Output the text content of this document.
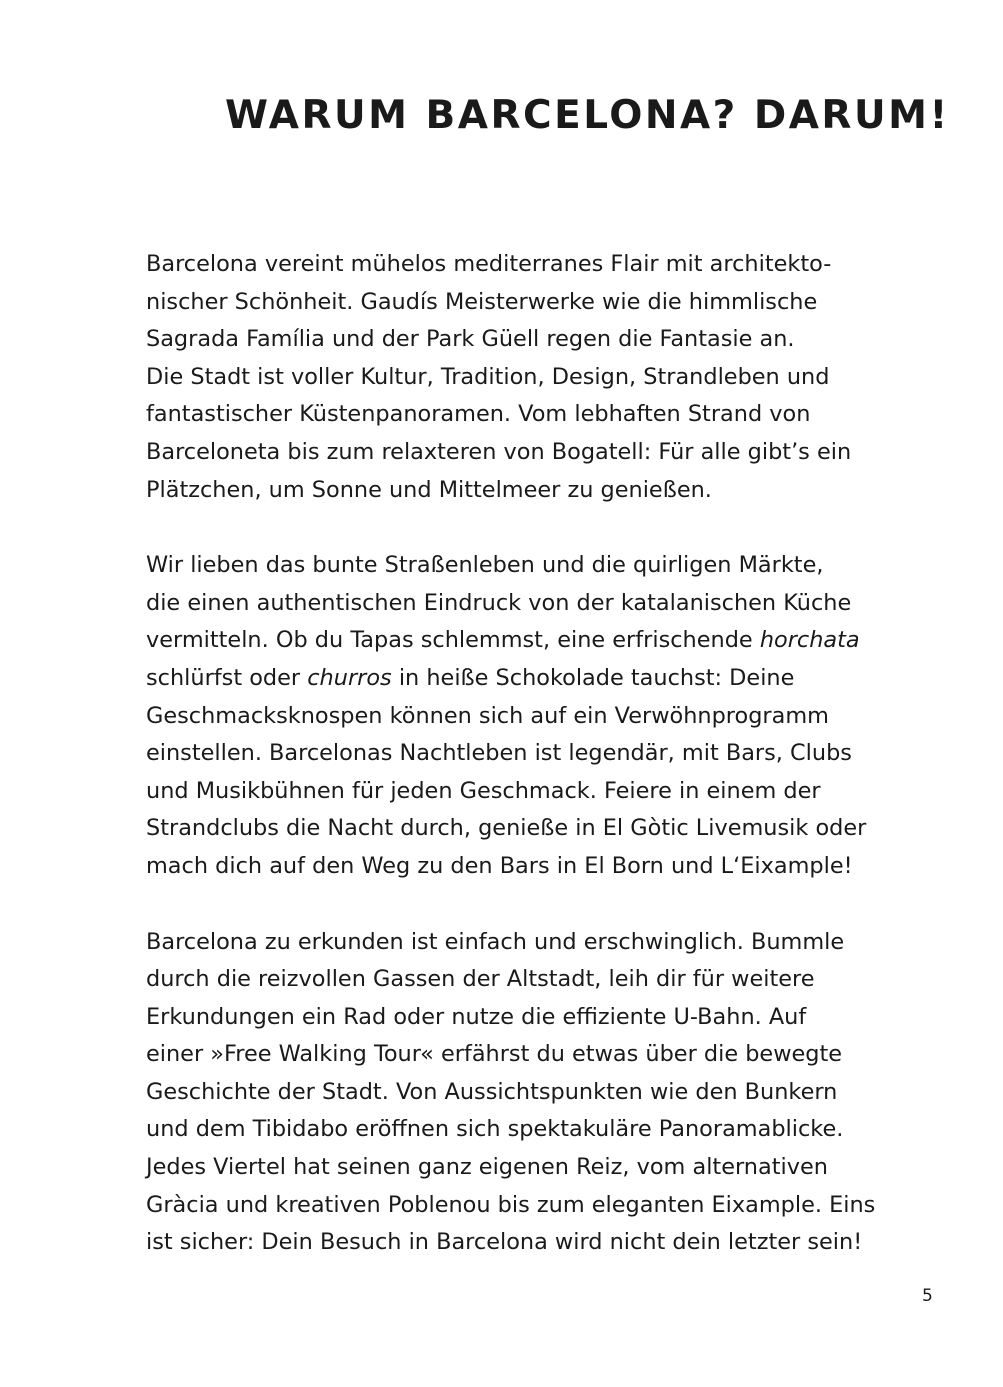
WARUM BARCELONA? DARUM!

Barcelona vereint mühelos mediterranes Flair mit architekto-
nischer Schönheit. Gaudís Meisterwerke wie die himmlische
Sagrada Família und der Park Güell regen die Fantasie an.
Die Stadt ist voller Kultur, Tradition, Design, Strandleben und
fantastischer Küstenpanoramen. Vom lebhaften Strand von
Barceloneta bis zum relaxteren von Bogatell: Für alle gibt’s ein
Plätzchen, um Sonne und Mittelmeer zu genießen.

Wir lieben das bunte Straßenleben und die quirligen Märkte,
die einen authentischen Eindruck von der katalanischen Küche
vermitteln. Ob du Tapas schlemmst, eine erfrischende horchata
schlürfst oder churros in heiße Schokolade tauchst: Deine
Geschmacksknospen können sich auf ein Verwöhnprogramm
einstellen. Barcelonas Nachtleben ist legendär, mit Bars, Clubs
und Musikbühnen für jeden Geschmack. Feiere in einem der
Strandclubs die Nacht durch, genieße in El Gòtic Livemusik oder
mach dich auf den Weg zu den Bars in El Born und L‘Eixample!

Barcelona zu erkunden ist einfach und erschwinglich. Bummle
durch die reizvollen Gassen der Altstadt, leih dir für weitere
Erkundungen ein Rad oder nutze die effiziente U-Bahn. Auf
einer »Free Walking Tour« erfährst du etwas über die bewegte
Geschichte der Stadt. Von Aussichtspunkten wie den Bunkern
und dem Tibidabo eröffnen sich spektakuläre Panoramablicke.
Jedes Viertel hat seinen ganz eigenen Reiz, vom alternativen
Gràcia und kreativen Poblenou bis zum eleganten Eixample. Eins
ist sicher: Dein Besuch in Barcelona wird nicht dein letzter sein!

5
